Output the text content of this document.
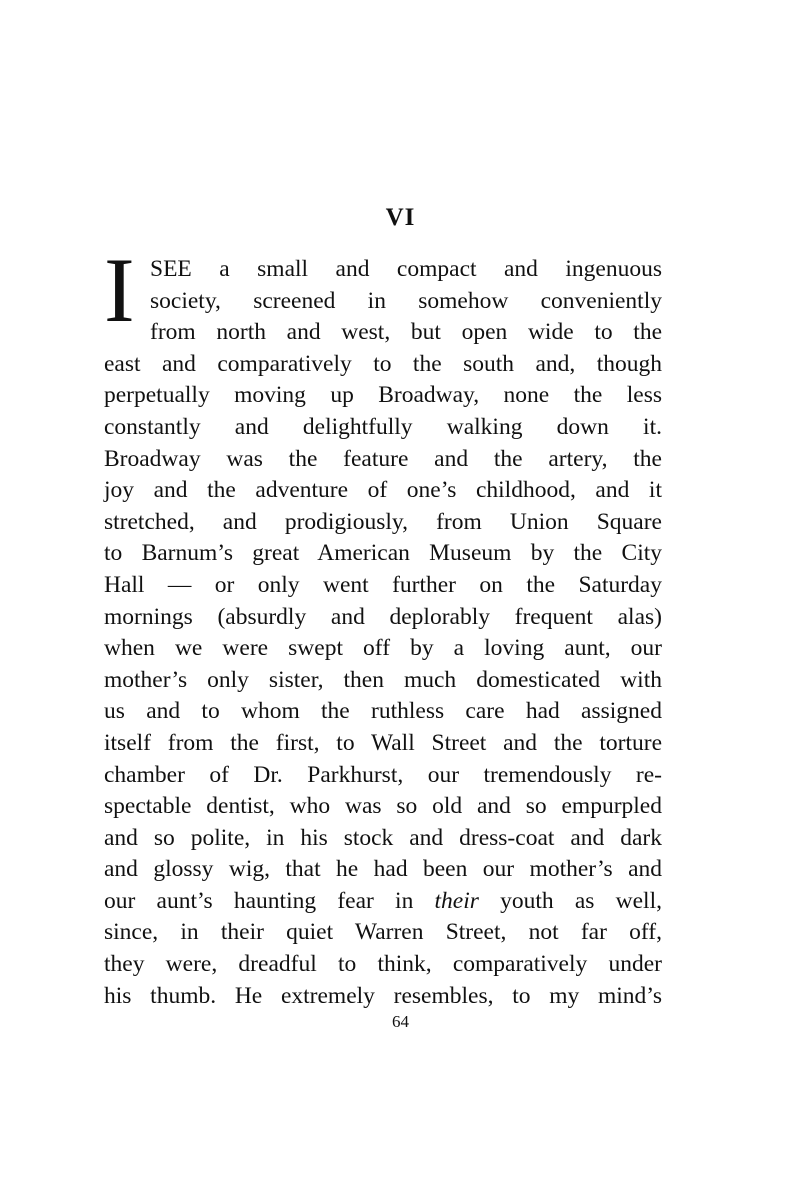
VI
I SEE a small and compact and ingenuous
society, screened in somehow conveniently
from north and west, but open wide to the
east and comparatively to the south and, though
perpetually moving up Broadway, none the less
constantly and delightfully walking down it.
Broadway was the feature and the artery, the
joy and the adventure of one’s childhood, and it
stretched, and prodigiously, from Union Square
to Barnum’s great American Museum by the City
Hall — or only went further on the Saturday
mornings (absurdly and deplorably frequent alas)
when we were swept off by a loving aunt, our
mother’s only sister, then much domesticated with
us and to whom the ruthless care had assigned
itself from the first, to Wall Street and the torture
chamber of Dr. Parkhurst, our tremendously re-
spectable dentist, who was so old and so empurpled
and so polite, in his stock and dress-coat and dark
and glossy wig, that he had been our mother’s and
our aunt’s haunting fear in their youth as well,
since, in their quiet Warren Street, not far off,
they were, dreadful to think, comparatively under
his thumb. He extremely resembles, to my mind’s
64
